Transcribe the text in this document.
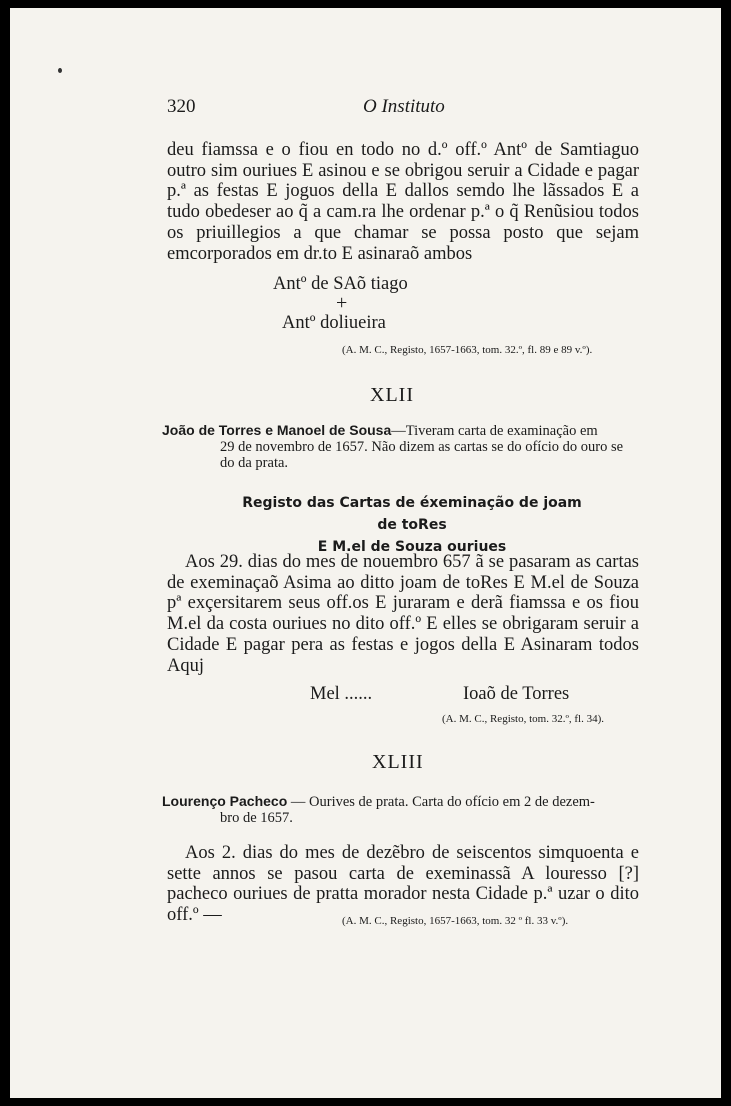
320	O Instituto
deu fiamssa e o fiou en todo no d.º off.º Antº de Samtiaguo outro sim ouriues E asinou e se obrigou seruir a Cidade e pagar p.ª as festas E joguos della E dallos semdo lhe lãssados E a tudo obedeser ao q̃ a cam.ra lhe ordenar p.ª o q̃ Renũsiou todos os priuillegios a que chamar se possa posto que sejam emcorporados em dr.to E asinaraõ ambos
Antº de SAõ tiago
+
Antº doliueira
(A. M. C., Registo, 1657-1663, tom. 32.º, fl. 89 e 89 v.º).
XLII
João de Torres e Manoel de Sousa—Tiveram carta de examinação em
29 de novembro de 1657. Não dizem as cartas se do ofício do ouro se do da prata.
Registo das Cartas de éxeminação de joam de toRes
E M.el de Souza ouriues
Aos 29. dias do mes de nouembro 657 ã se pasaram as cartas de exeminaçaõ Asima ao ditto joam de toRes E M.el de Souza pª exçersitarem seus off.os E juraram e derã fiamssa e os fiou M.el da costa ouriues no dito off.º E elles se obrigaram seruir a Cidade E pagar pera as festas e jogos della E Asinaram todos Aquj
Mel ......	Ioaõ de Torres
(A. M. C., Registo, tom. 32.º, fl. 34).
XLIII
Lourenço Pacheco — Ourives de prata. Carta do ofício em 2 de dezem-
bro de 1657.
Aos 2. dias do mes de dezẽbro de seiscentos simquoenta e sette annos se pasou carta de exeminassã A louresso [?] pacheco ouriues de pratta morador nesta Cidade p.ª uzar o dito off.º —	(A. M. C., Registo, 1657-1663, tom. 32 º fl. 33 v.º).
